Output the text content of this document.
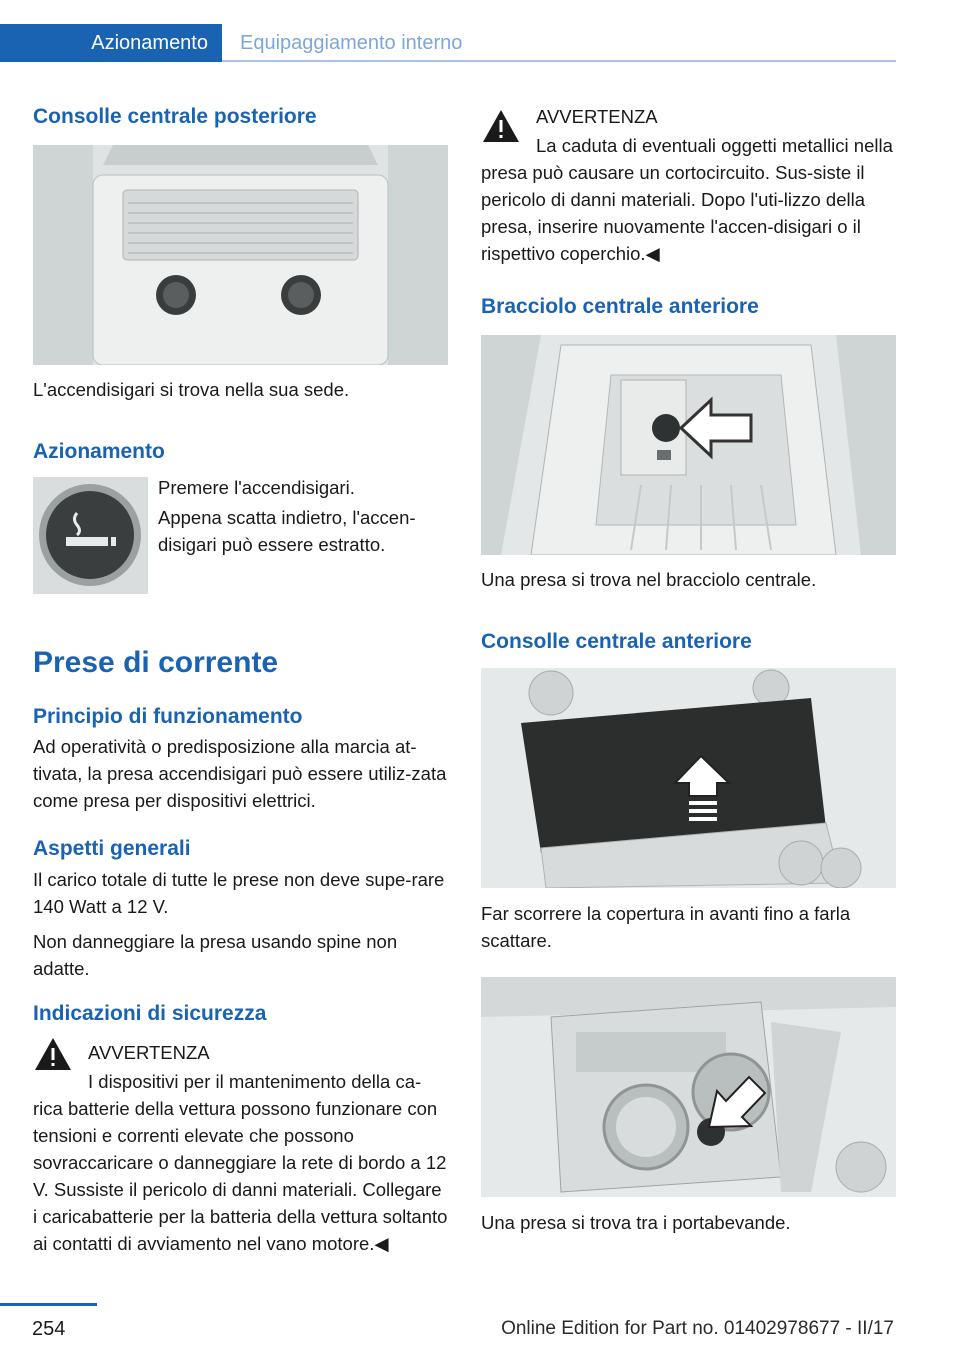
Azionamento	Equipaggiamento interno
Consolle centrale posteriore
L'accendisigari si trova nella sua sede.
Azionamento
Premere l'accendisigari.
Appena scatta indietro, l'accen‐disigari può essere estratto.
Prese di corrente
Principio di funzionamento
Ad operatività o predisposizione alla marcia at‐tivata, la presa accendisigari può essere utiliz‐zata come presa per dispositivi elettrici.
Aspetti generali
Il carico totale di tutte le prese non deve supe‐rare 140 Watt a 12 V.
Non danneggiare la presa usando spine non adatte.
Indicazioni di sicurezza
AVVERTENZA
I dispositivi per il mantenimento della ca‐rica batterie della vettura possono funzionare con tensioni e correnti elevate che possono sovraccaricare o danneggiare la rete di bordo a 12 V. Sussiste il pericolo di danni materiali. Collegare i caricabatterie per la batteria della vettura soltanto ai contatti di avviamento nel vano motore.◀
AVVERTENZA
La caduta di eventuali oggetti metallici nella presa può causare un cortocircuito. Sus‐siste il pericolo di danni materiali. Dopo l'uti‐lizzo della presa, inserire nuovamente l'accen‐disigari o il rispettivo coperchio.◀
Bracciolo centrale anteriore
Una presa si trova nel bracciolo centrale.
Consolle centrale anteriore
Far scorrere la copertura in avanti fino a farla scattare.
Una presa si trova tra i portabevande.
254	Online Edition for Part no. 01402978677 - II/17
